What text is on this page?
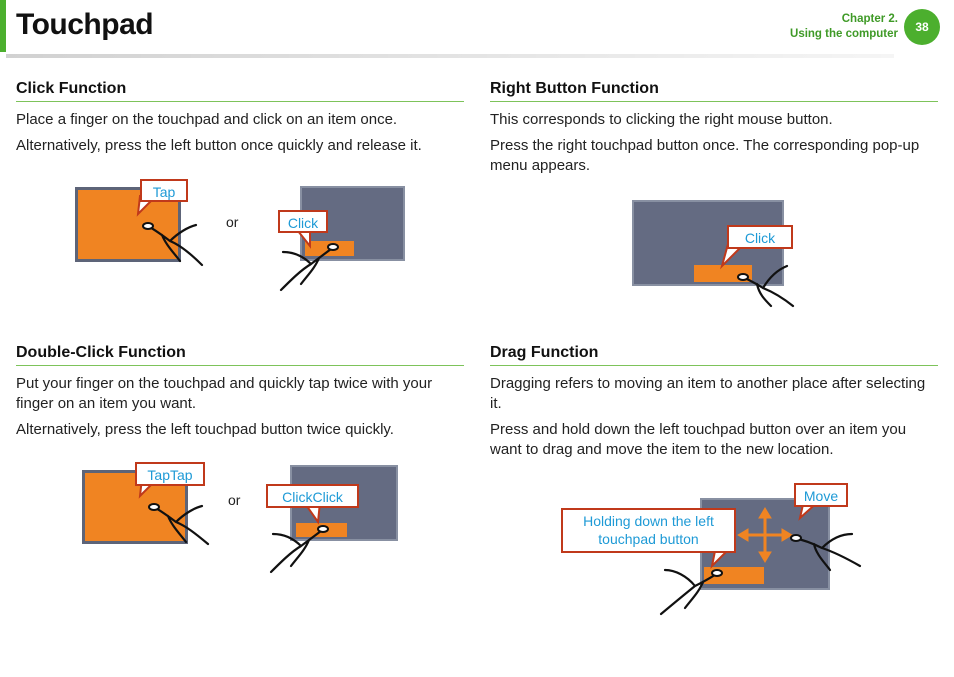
Touchpad	Chapter 2.
Using the computer	38
Click Function

Place a finger on the touchpad and click on an item once.

Alternatively, press the left button once quickly and release it.

Tap
or	Click
Right Button Function

This corresponds to clicking the right mouse button.

Press the right touchpad button once. The corresponding pop-up menu appears.

Click
Double-Click Function

Put your finger on the touchpad and quickly tap twice with your finger on an item you want.

Alternatively, press the left touchpad button twice quickly.

TapTap
or	ClickClick
Drag Function

Dragging refers to moving an item to another place after selecting it.

Press and hold down the left touchpad button over an item you want to drag and move the item to the new location.

Move
Holding down the left touchpad button
